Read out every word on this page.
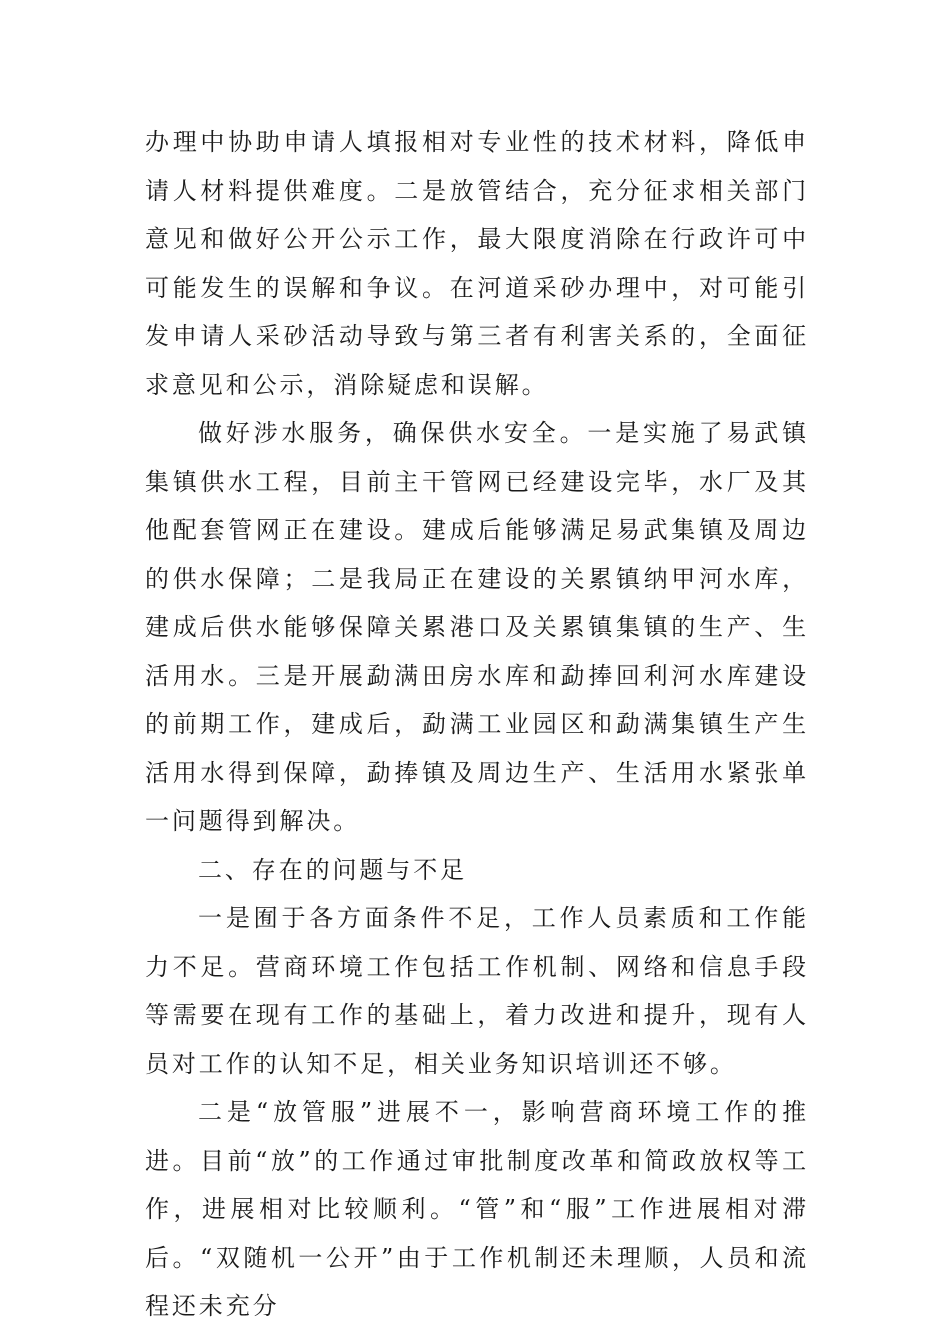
办理中协助申请人填报相对专业性的技术材料，降低申请人材料提供难度。二是放管结合，充分征求相关部门意见和做好公开公示工作，最大限度消除在行政许可中可能发生的误解和争议。在河道采砂办理中，对可能引发申请人采砂活动导致与第三者有利害关系的，全面征求意见和公示，消除疑虑和误解。

做好涉水服务，确保供水安全。一是实施了易武镇集镇供水工程，目前主干管网已经建设完毕，水厂及其他配套管网正在建设。建成后能够满足易武集镇及周边的供水保障；二是我局正在建设的关累镇纳甲河水库，建成后供水能够保障关累港口及关累镇集镇的生产、生活用水。三是开展勐满田房水库和勐捧回利河水库建设的前期工作，建成后，勐满工业园区和勐满集镇生产生活用水得到保障，勐捧镇及周边生产、生活用水紧张单一问题得到解决。

二、存在的问题与不足

一是囿于各方面条件不足，工作人员素质和工作能力不足。营商环境工作包括工作机制、网络和信息手段等需要在现有工作的基础上，着力改进和提升，现有人员对工作的认知不足，相关业务知识培训还不够。

二是“放管服”进展不一，影响营商环境工作的推进。目前“放”的工作通过审批制度改革和简政放权等工作，进展相对比较顺利。“管”和“服”工作进展相对滞后。“双随机一公开”由于工作机制还未理顺，人员和流程还未充分
